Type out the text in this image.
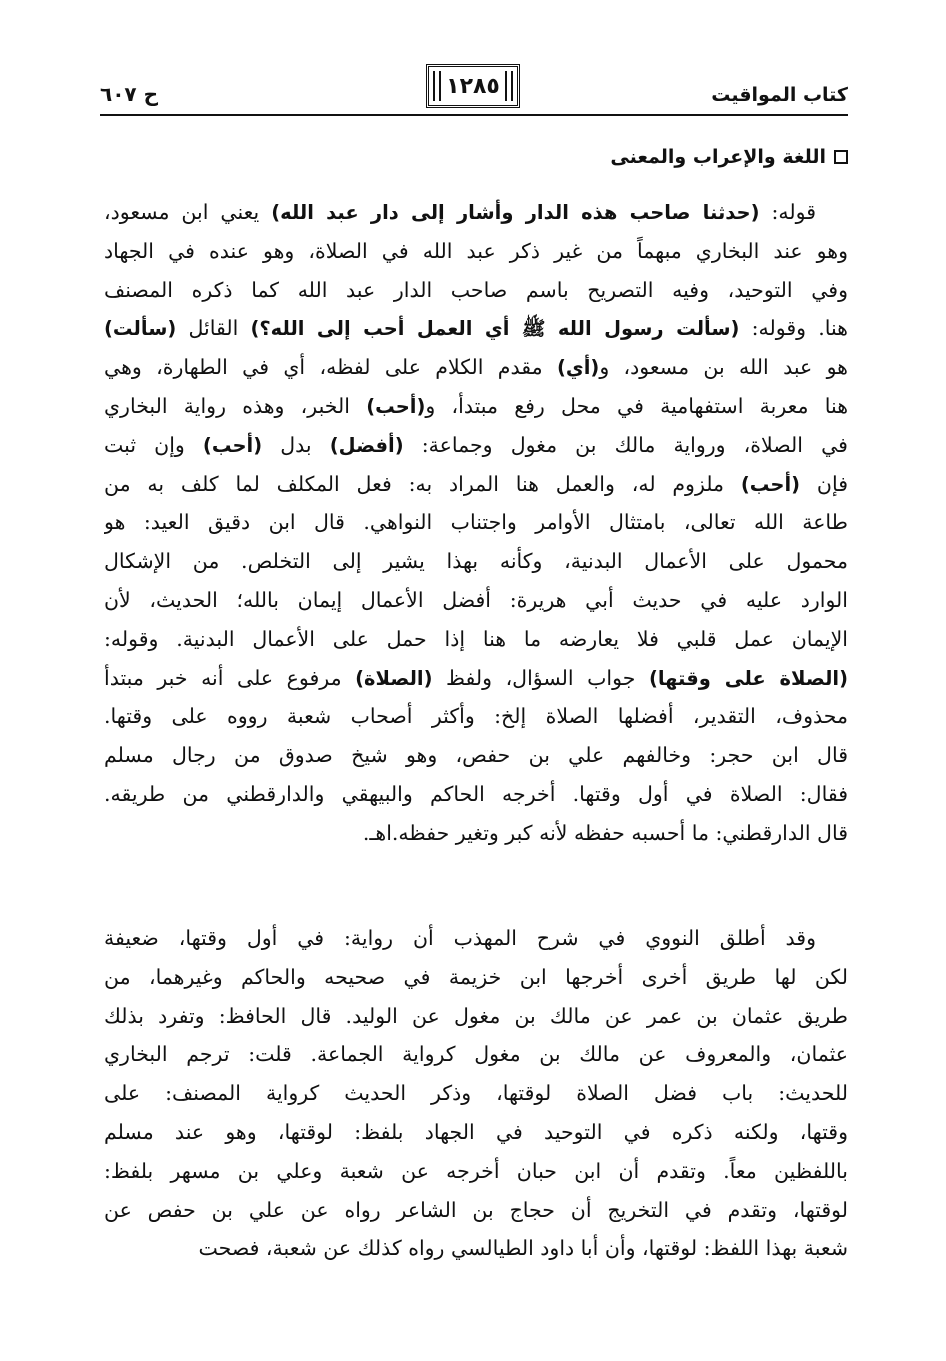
كتاب المواقيت
١٢٨٥
ح ٦٠٧
اللغة والإعراب والمعنى
قوله: (حدثنا صاحب هذه الدار وأشار إلى دار عبد الله) يعني ابن مسعود،
وهو عند البخاري مبهماً من غير ذكر عبد الله في الصلاة، وهو عنده في الجهاد
وفي التوحيد، وفيه التصريح باسم صاحب الدار عبد الله كما ذكره المصنف
هنا. وقوله: (سألت رسول الله ﷺ أي العمل أحب إلى الله؟) القائل (سألت)
هو عبد الله بن مسعود، و(أي) مقدم الكلام على لفظه، أي في الطهارة، وهي
هنا معربة استفهامية في محل رفع مبتدأ، و(أحب) الخبر، وهذه رواية البخاري
في الصلاة، ورواية مالك بن مغول وجماعة: (أفضل) بدل (أحب) وإن ثبت
فإن (أحب) ملزوم له، والعمل هنا المراد به: فعل المكلف لما كلف به من
طاعة الله تعالى، بامتثال الأوامر واجتناب النواهي. قال ابن دقيق العيد: هو
محمول على الأعمال البدنية، وكأنه بهذا يشير إلى التخلص. من الإشكال
الوارد عليه في حديث أبي هريرة: أفضل الأعمال إيمان بالله؛ الحديث، لأن
الإيمان عمل قلبي فلا يعارضه ما هنا إذا حمل على الأعمال البدنية. وقوله:
(الصلاة على وقتها) جواب السؤال، ولفظ (الصلاة) مرفوع على أنه خبر مبتدأ
محذوف، التقدير، أفضلها الصلاة إلخ: وأكثر أصحاب شعبة رووه على وقتها.
قال ابن حجر: وخالفهم علي بن حفص، وهو شيخ صدوق من رجال مسلم
فقال: الصلاة في أول وقتها. أخرجه الحاكم والبيهقي والدارقطني من طريقه.
قال الدارقطني: ما أحسبه حفظه لأنه كبر وتغير حفظه.اهـ.
وقد أطلق النووي في شرح المهذب أن رواية: في أول وقتها، ضعيفة
لكن لها طريق أخرى أخرجها ابن خزيمة في صحيحه والحاكم وغيرهما، من
طريق عثمان بن عمر عن مالك بن مغول عن الوليد. قال الحافظ: وتفرد بذلك
عثمان، والمعروف عن مالك بن مغول كرواية الجماعة. قلت: ترجم البخاري
للحديث: باب فضل الصلاة لوقتها، وذكر الحديث كرواية المصنف: على
وقتها، ولكنه ذكره في التوحيد في الجهاد بلفظ: لوقتها، وهو عند مسلم
باللفظين معاً. وتقدم أن ابن حبان أخرجه عن شعبة وعلي بن مسهر بلفظ:
لوقتها، وتقدم في التخريج أن حجاج بن الشاعر رواه عن علي بن حفص عن
شعبة بهذا اللفظ: لوقتها، وأن أبا داود الطيالسي رواه كذلك عن شعبة، فصحت
